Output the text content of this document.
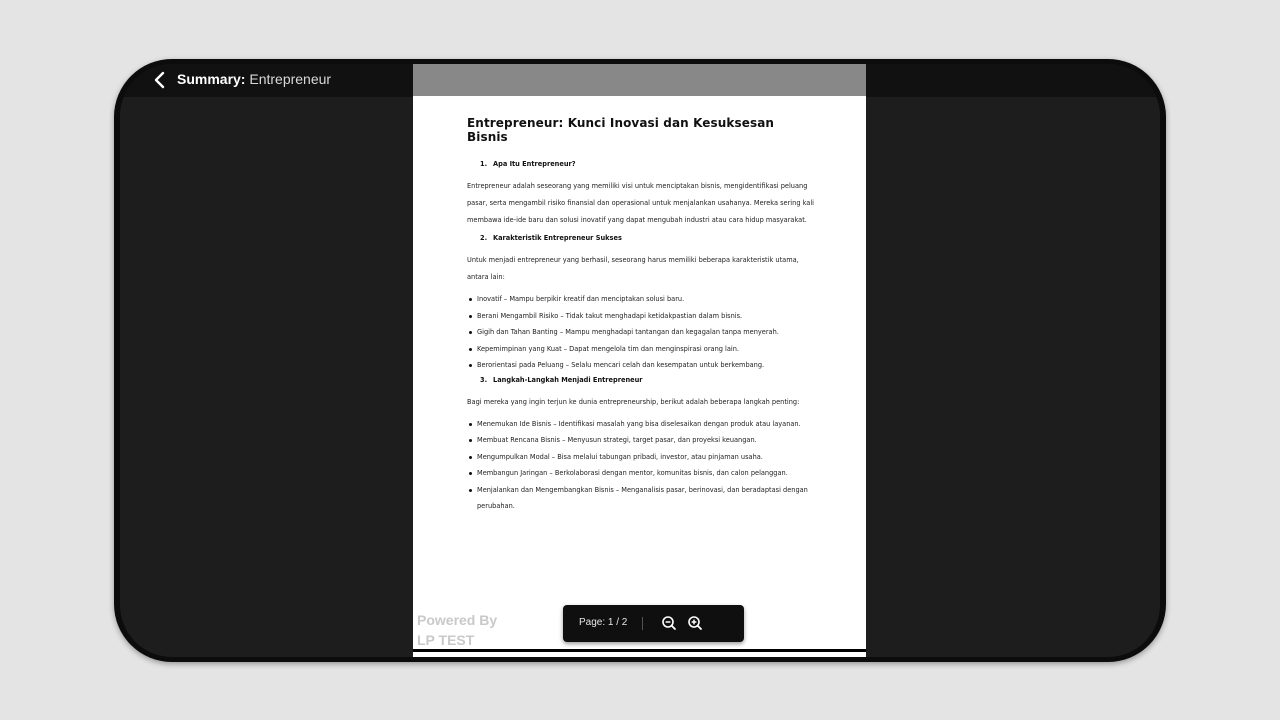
Summary: Entrepreneur
Entrepreneur: Kunci Inovasi dan Kesuksesan Bisnis
1. Apa Itu Entrepreneur?

Entrepreneur adalah seseorang yang memiliki visi untuk menciptakan bisnis, mengidentifikasi peluang pasar, serta mengambil risiko finansial dan operasional untuk menjalankan usahanya. Mereka sering kali membawa ide-ide baru dan solusi inovatif yang dapat mengubah industri atau cara hidup masyarakat.

2. Karakteristik Entrepreneur Sukses

Untuk menjadi entrepreneur yang berhasil, seseorang harus memiliki beberapa karakteristik utama, antara lain:

Inovatif – Mampu berpikir kreatif dan menciptakan solusi baru.
Berani Mengambil Risiko – Tidak takut menghadapi ketidakpastian dalam bisnis.
Gigih dan Tahan Banting – Mampu menghadapi tantangan dan kegagalan tanpa menyerah.
Kepemimpinan yang Kuat – Dapat mengelola tim dan menginspirasi orang lain.
Berorientasi pada Peluang – Selalu mencari celah dan kesempatan untuk berkembang.
3. Langkah-Langkah Menjadi Entrepreneur

Bagi mereka yang ingin terjun ke dunia entrepreneurship, berikut adalah beberapa langkah penting:

Menemukan Ide Bisnis – Identifikasi masalah yang bisa diselesaikan dengan produk atau layanan.
Membuat Rencana Bisnis – Menyusun strategi, target pasar, dan proyeksi keuangan.
Mengumpulkan Modal – Bisa melalui tabungan pribadi, investor, atau pinjaman usaha.
Membangun Jaringan – Berkolaborasi dengan mentor, komunitas bisnis, dan calon pelanggan.
Menjalankan dan Mengembangkan Bisnis – Menganalisis pasar, berinovasi, dan beradaptasi dengan perubahan.
Powered By
LP TEST
Page: 1 / 2
